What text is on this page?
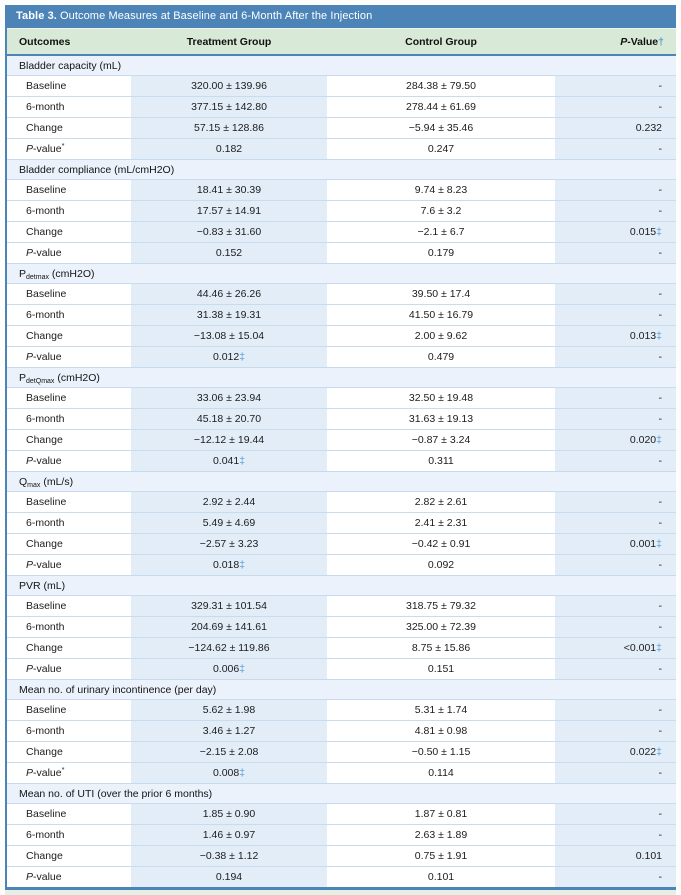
Table 3. Outcome Measures at Baseline and 6-Month After the Injection
Outcomes	Treatment Group	Control Group	P-Value†
Bladder capacity (mL)			
Baseline	320.00 ± 139.96	284.38 ± 79.50	-
6-month	377.15 ± 142.80	278.44 ± 61.69	-
Change	57.15 ± 128.86	−5.94 ± 35.46	0.232
P-value*	0.182	0.247	-
Bladder compliance (mL/cmH2O)			
Baseline	18.41 ± 30.39	9.74 ± 8.23	-
6-month	17.57 ± 14.91	7.6 ± 3.2	-
Change	−0.83 ± 31.60	−2.1 ± 6.7	0.015‡
P-value	0.152	0.179	-
$P_{detmax}$ (cmH2O)			
Baseline	44.46 ± 26.26	39.50 ± 17.4	-
6-month	31.38 ± 19.31	41.50 ± 16.79	-
Change	−13.08 ± 15.04	2.00 ± 9.62	0.013‡
P-value	0.012‡	0.479	-
$P_{detQmax}$ (cmH2O)			
Baseline	33.06 ± 23.94	32.50 ± 19.48	-
6-month	45.18 ± 20.70	31.63 ± 19.13	-
Change	−12.12 ± 19.44	−0.87 ± 3.24	0.020‡
P-value	0.041‡	0.311	-
$Q_{max}$ (mL/s)			
Baseline	2.92 ± 2.44	2.82 ± 2.61	-
6-month	5.49 ± 4.69	2.41 ± 2.31	-
Change	−2.57 ± 3.23	−0.42 ± 0.91	0.001‡
P-value	0.018‡	0.092	-
PVR (mL)			
Baseline	329.31 ± 101.54	318.75 ± 79.32	-
6-month	204.69 ± 141.61	325.00 ± 72.39	-
Change	−124.62 ± 119.86	8.75 ± 15.86	<0.001‡
P-value	0.006‡	0.151	-
Mean no. of urinary incontinence (per day)			
Baseline	5.62 ± 1.98	5.31 ± 1.74	-
6-month	3.46 ± 1.27	4.81 ± 0.98	-
Change	−2.15 ± 2.08	−0.50 ± 1.15	0.022‡
P-value*	0.008‡	0.114	-
Mean no. of UTI (over the prior 6 months)			
Baseline	1.85 ± 0.90	1.87 ± 0.81	-
6-month	1.46 ± 0.97	2.63 ± 1.89	-
Change	−0.38 ± 1.12	0.75 ± 1.91	0.101
P-value	0.194	0.101	-
